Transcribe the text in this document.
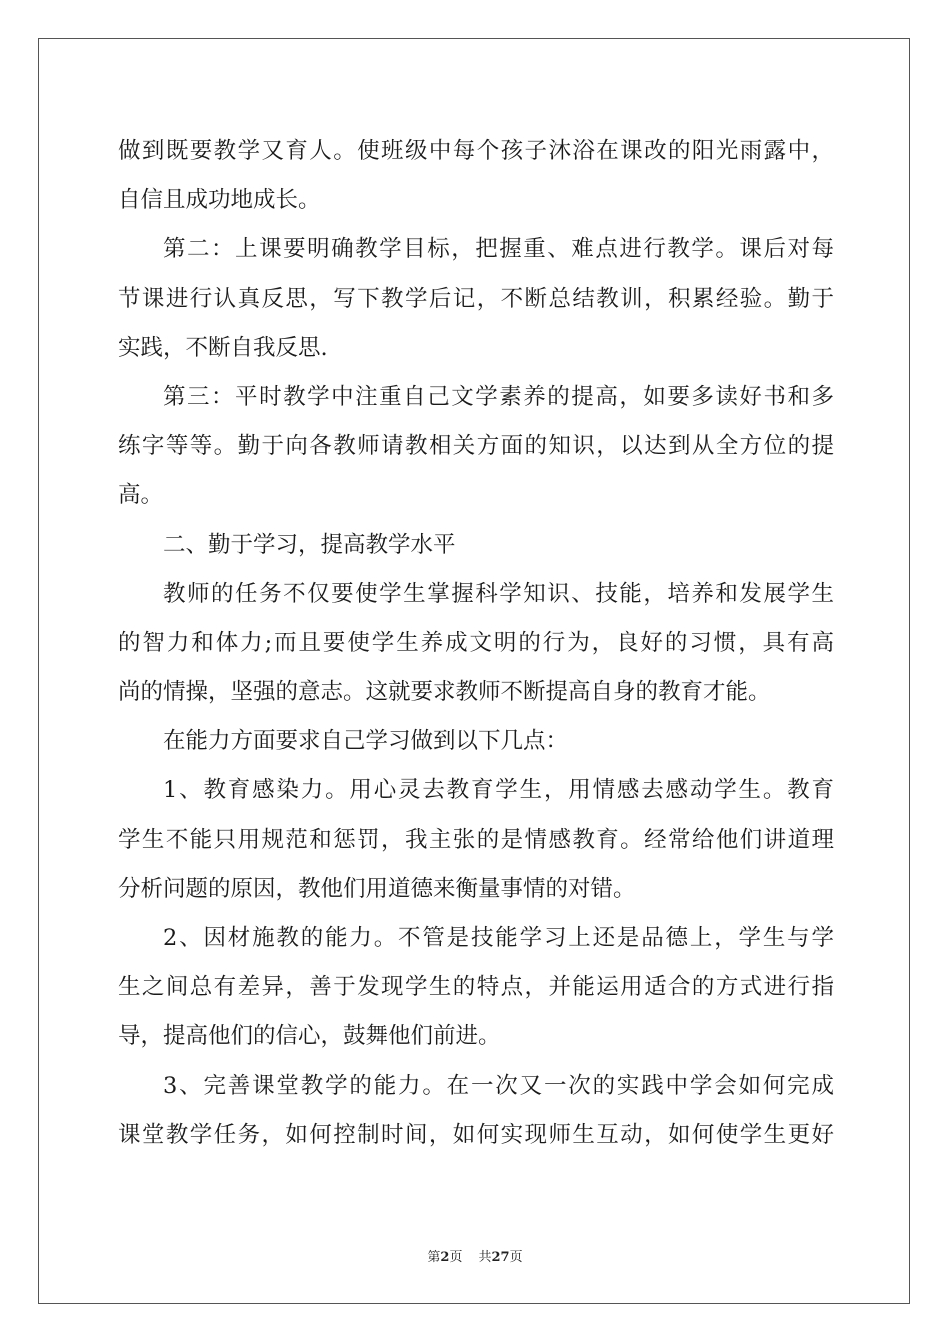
做到既要教学又育人。使班级中每个孩子沐浴在课改的阳光雨露中，
自信且成功地成长。
第二：上课要明确教学目标，把握重、难点进行教学。课后对每
节课进行认真反思，写下教学后记，不断总结教训，积累经验。勤于
实践，不断自我反思.
第三：平时教学中注重自己文学素养的提高，如要多读好书和多
练字等等。勤于向各教师请教相关方面的知识，以达到从全方位的提
高。
二、勤于学习，提高教学水平
教师的任务不仅要使学生掌握科学知识、技能，培养和发展学生
的智力和体力;而且要使学生养成文明的行为，良好的习惯，具有高
尚的情操，坚强的意志。这就要求教师不断提高自身的教育才能。
在能力方面要求自己学习做到以下几点：
1、教育感染力。用心灵去教育学生，用情感去感动学生。教育
学生不能只用规范和惩罚，我主张的是情感教育。经常给他们讲道理
分析问题的原因，教他们用道德来衡量事情的对错。
2、因材施教的能力。不管是技能学习上还是品德上，学生与学
生之间总有差异，善于发现学生的特点，并能运用适合的方式进行指
导，提高他们的信心，鼓舞他们前进。
3、完善课堂教学的能力。在一次又一次的实践中学会如何完成
课堂教学任务，如何控制时间，如何实现师生互动，如何使学生更好
第2页 共27页
